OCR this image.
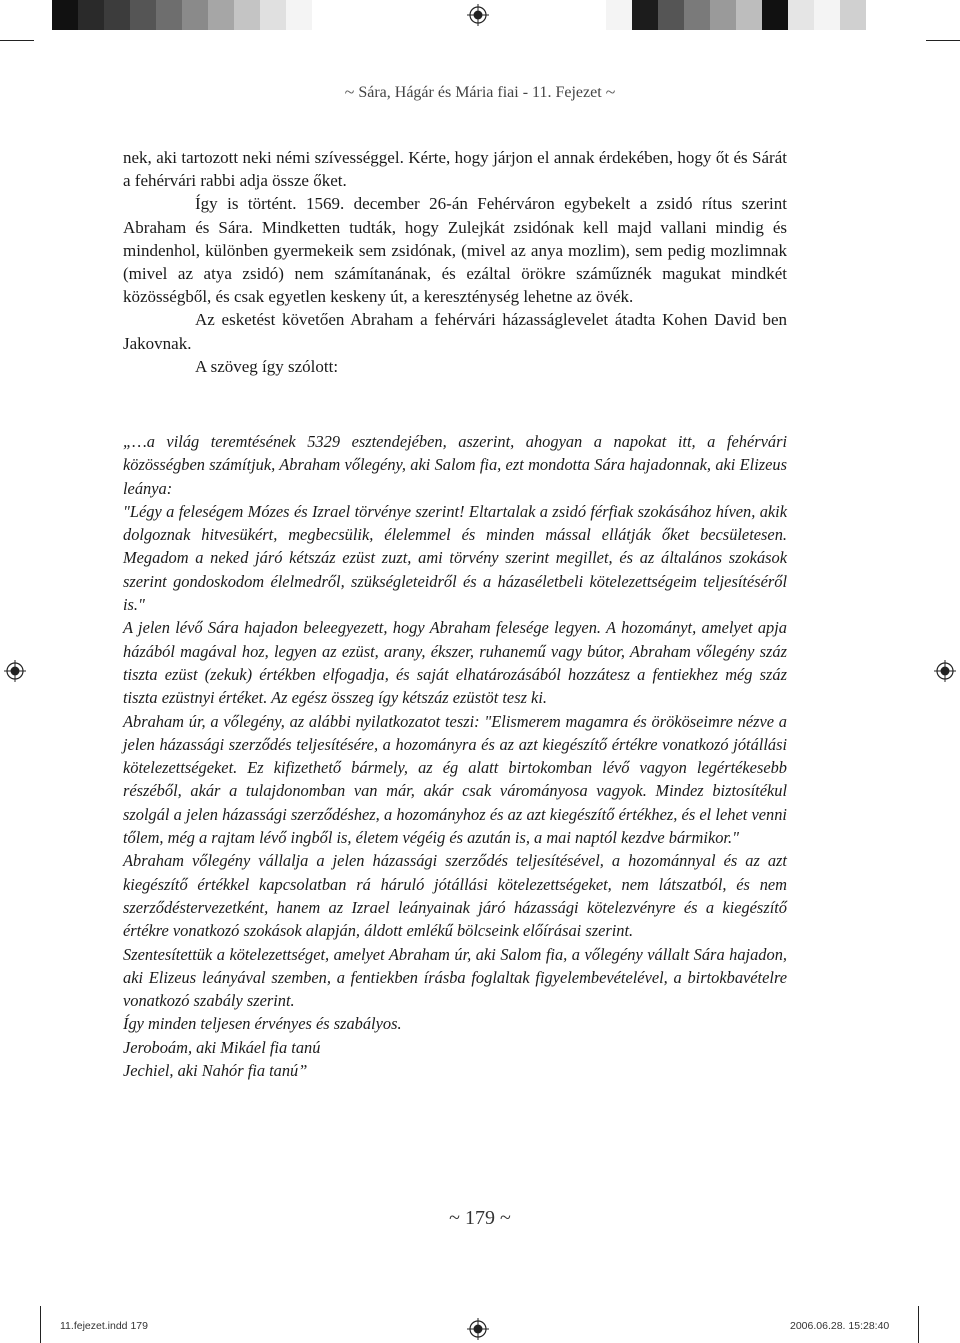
~ Sára, Hágár és Mária fiai - 11. Fejezet ~

nek, aki tartozott neki némi szívességgel. Kérte, hogy járjon el annak érdekében, hogy őt és Sárát a fehérvári rabbi adja össze őket.

Így is történt. 1569. december 26-án Fehérváron egybekelt a zsidó rítus szerint Abraham és Sára. Mindketten tudták, hogy Zulejkát zsidónak kell majd vallani mindig és mindenhol, különben gyermekeik sem zsidónak, (mivel az anya mozlim), sem pedig mozlimnak (mivel az atya zsidó) nem számítanának, és ezáltal örökre száműznék magukat mindkét közösségből, és csak egyetlen keskeny út, a kereszténység lehetne az övék.

Az esketést követően Abraham a fehérvári házasságlevelet átadta Kohen David ben Jakovnak.

A szöveg így szólott:

„…a világ teremtésének 5329 esztendejében, aszerint, ahogyan a napokat itt, a fehérvári közösségben számítjuk, Abraham vőlegény, aki Salom fia, ezt mondotta Sára hajadonnak, aki Elizeus leánya:

"Légy a feleségem Mózes és Izrael törvénye szerint! Eltartalak a zsidó férfiak szokásához híven, akik dolgoznak hitvesükért, megbecsülik, élelemmel és minden mással ellátják őket becsületesen. Megadom a neked járó kétszáz ezüst zuzt, ami törvény szerint megillet, és az általános szokások szerint gondoskodom élelmedről, szükségleteidről és a házaséletbeli kötelezettségeim teljesítéséről is."

A jelen lévő Sára hajadon beleegyezett, hogy Abraham felesége legyen. A hozományt, amelyet apja házából magával hoz, legyen az ezüst, arany, ékszer, ruhanemű vagy bútor, Abraham vőlegény száz tiszta ezüst (zekuk) értékben elfogadja, és saját elhatározásából hozzátesz a fentiekhez még száz tiszta ezüstnyi értéket. Az egész összeg így kétszáz ezüstöt tesz ki.

Abraham úr, a vőlegény, az alábbi nyilatkozatot teszi: "Elismerem magamra és örököseimre nézve a jelen házassági szerződés teljesítésére, a hozományra és az azt kiegészítő értékre vonatkozó jótállási kötelezettségeket. Ez kifizethető bármely, az ég alatt birtokomban lévő vagyon legértékesebb részéből, akár a tulajdonomban van már, akár csak várományosa vagyok. Mindez biztosítékul szolgál a jelen házassági szerződéshez, a hozományhoz és az azt kiegészítő értékhez, és el lehet venni tőlem, még a rajtam lévő ingből is, életem végéig és azután is, a mai naptól kezdve bármikor."

Abraham vőlegény vállalja a jelen házassági szerződés teljesítésével, a hozománnyal és az azt kiegészítő értékkel kapcsolatban rá háruló jótállási kötelezettségeket, nem látszatból, és nem szerződéstervezetként, hanem az Izrael leányainak járó házassági kötelezvényre és a kiegészítő értékre vonatkozó szokások alapján, áldott emlékű bölcseink előírásai szerint.

Szentesítettük a kötelezettséget, amelyet Abraham úr, aki Salom fia, a vőlegény vállalt Sára hajadon, aki Elizeus leányával szemben, a fentiekben írásba foglaltak figyelembevételével, a birtokbavételre vonatkozó szabály szerint.

Így minden teljesen érvényes és szabályos.

Jeroboám, aki Mikáel fia tanú

Jechiel, aki Nahór fia tanú”

~ 179 ~
11.fejezet.indd 179	2006.06.28. 15:28:40
